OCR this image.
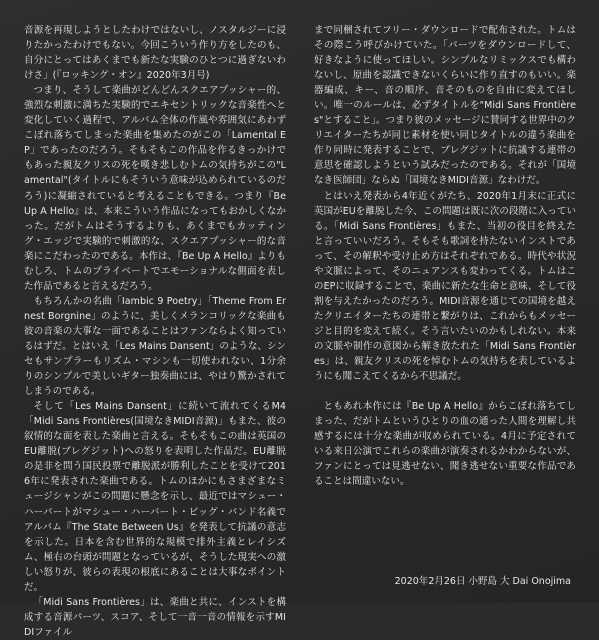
音源を再現しようとしたわけではないし、ノスタルジーに浸りたかったわけでもない。今回こういう作り方をしたのも、自分にとってはあくまでも新たな実験のひとつに過ぎないわけさ」(『ロッキング・オン』2020年3月号)

つまり、そうして楽曲がどんどんスクエアプッシャー的、強烈な刺激に満ちた実験的でエキセントリックな音楽性へと変化していく過程で、アルバム全体の作風や雰囲気にあわずこぼれ落ちてしまった楽曲を集めたのがこの「Lamental EP」であったのだろう。そもそもこの作品を作るきっかけでもあった親友クリスの死を嘆き悲しむトムの気持ちがこの"Lamental"(タイトルにもそういう意味が込められているのだろう)に凝縮されていると考えることもできる。つまり『Be Up A Hello』は、本来こういう作品になってもおかしくなかった。だがトムはそうするよりも、あくまでもカッティング・エッジで実験的で刺激的な、スクエアプッシャー的な音楽にこだわったのである。本作は、『Be Up A Hello』よりもむしろ、トムのプライベートでエモーショナルな側面を表した作品であると言えるだろう。

もちろんかの名曲「Iambic 9 Poetry」「Theme From Ernest Borgnine」のように、美しくメランコリックな楽曲も彼の音楽の大事な一面であることはファンならよく知っているはずだ。とはいえ「Les Mains Dansent」のような、シンセもサンプラーもリズム・マシンも一切使われない、1分余りのシンプルで美しいギター独奏曲には、やはり驚かされてしまうのである。

そして「Les Mains Dansent」に続いて流れてくるM4「Midi Sans Frontières(国境なきMIDI音源)」もまた、彼の叙情的な面を表した楽曲と言える。そもそもこの曲は英国のEU離脱(ブレグジット)への怒りを表明した作品だ。EU離脱の是非を問う国民投票で離脱派が勝利したことを受けて2016年に発表された楽曲である。トムのほかにもさまざまなミュージシャンがこの問題に懸念を示し、最近ではマシュー・ハーバートがマシュー・ハーバート・ビッグ・バンド名義でアルバム『The State Between Us』を発表して抗議の意志を示した。日本を含む世界的な規模で排外主義とレイシズム、極右の台頭が問題となっているが、そうした現実への激しい怒りが、彼らの表現の根底にあることは大事なポイントだ。

「Midi Sans Frontières」は、楽曲と共に、インストを構成する音源パーツ、スコア、そして一音一音の情報を示すMIDIファイル

まで同梱されてフリー・ダウンロードで配布された。トムはその際こう呼びかけていた。「パーツをダウンロードして、好きなように使ってほしい。シンプルなリミックスでも構わないし、原曲を認識できないくらいに作り直すのもいい。楽器編成、キー、音の順序、音そのものを自由に変えてほしい。唯一のルールは、必ずタイトルを"Midi Sans Frontières"とすること」。つまり彼のメッセージに賛同する世界中のクリエイターたちが同じ素材を使い同じタイトルの違う楽曲を作り同時に発表することで、ブレグジットに抗議する連帯の意思を確認しようという試みだったのである。それが「国境なき医師団」ならぬ「国境なきMIDI音源」なわけだ。

とはいえ発表から4年近くがたち、2020年1月末に正式に英国がEUを離脱した今、この問題は既に次の段階に入っている。「Midi Sans Frontières」もまた、当初の役目を終えたと言っていいだろう。そもそも歌詞を持たないインストであって、その解釈や受け止め方はそれぞれである。時代や状況や文脈によって、そのニュアンスも変わってくる。トムはこのEPに収録することで、楽曲に新たな生命と意味、そして役割を与えたかったのだろう。MIDI音源を通じての国境を越えたクリエイターたちの連帯と繋がりは、これからもメッセージと目的を変えて続く。そう言いたいのかもしれない。本来の文脈や制作の意図から解き放たれた「Midi Sans Frontières」は、親友クリスの死を悼むトムの気持ちを表しているようにも聞こえてくるから不思議だ。

ともあれ本作には『Be Up A Hello』からこぼれ落ちてしまった、だがトムというひとりの血の通った人間を理解し共感するには十分な楽曲が収められている。4月に予定されている来日公演でこれらの楽曲が演奏されるかわからないが、ファンにとっては見逃せない、聞き逃せない重要な作品であることは間違いない。

2020年2月26日 小野島 大 Dai Onojima
